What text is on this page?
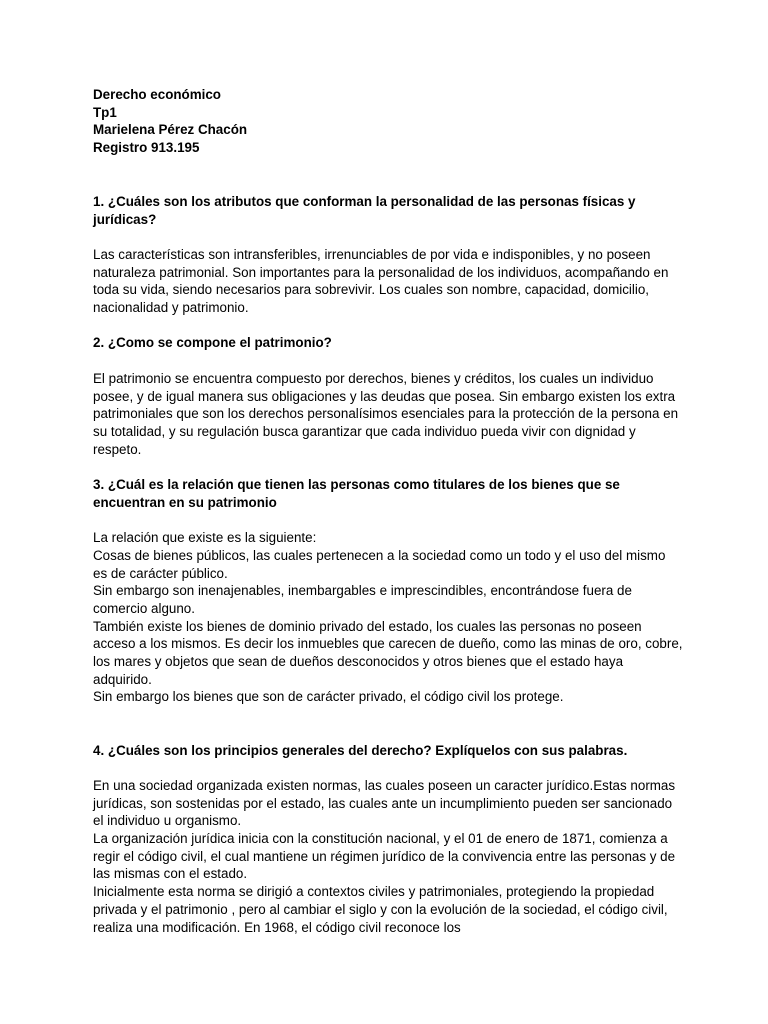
Derecho económico

Tp1

Marielena Pérez Chacón

Registro 913.195

1. ¿Cuáles son los atributos que conforman la personalidad de las personas físicas y jurídicas?

Las características son intransferibles, irrenunciables de por vida e indisponibles, y no poseen naturaleza patrimonial. Son importantes para la personalidad de los individuos, acompañando en toda su vida, siendo necesarios para sobrevivir. Los cuales son nombre, capacidad, domicilio, nacionalidad y patrimonio.

2. ¿Como se compone el patrimonio?

El patrimonio se encuentra compuesto por derechos, bienes y créditos, los cuales un individuo posee, y de igual manera sus obligaciones y las deudas que posea. Sin embargo existen los extra patrimoniales que son los derechos personalísimos esenciales para la protección de la persona en su totalidad, y su regulación busca garantizar que cada individuo pueda vivir con dignidad y respeto.

3. ¿Cuál es la relación que tienen las personas como titulares de los bienes que se encuentran en su patrimonio

La relación que existe es la siguiente:

Cosas de bienes públicos, las cuales pertenecen a la sociedad como un todo y el uso del mismo es de carácter público.

Sin embargo son inenajenables, inembargables e imprescindibles, encontrándose fuera de comercio alguno.

También existe los bienes de dominio privado del estado, los cuales las personas no poseen acceso a los mismos. Es decir los inmuebles que carecen de dueño, como las minas de oro, cobre, los mares y objetos que sean de dueños desconocidos y otros bienes que el estado haya adquirido.

Sin embargo los bienes que son de carácter privado, el código civil los protege.

4. ¿Cuáles son los principios generales del derecho? Explíquelos con sus palabras.

En una sociedad organizada existen normas, las cuales poseen un caracter jurídico.Estas normas jurídicas, son sostenidas por el estado, las cuales ante un incumplimiento pueden ser sancionado el individuo u organismo.

La organización jurídica inicia con la constitución nacional, y el 01 de enero de 1871, comienza a regir el código civil, el cual mantiene un régimen jurídico de la convivencia entre las personas y de las mismas con el estado.

Inicialmente esta norma se dirigió a contextos civiles y patrimoniales, protegiendo la propiedad privada y el patrimonio , pero al cambiar el siglo y con la evolución de la sociedad, el código civil, realiza una modificación. En 1968, el código civil reconoce los
